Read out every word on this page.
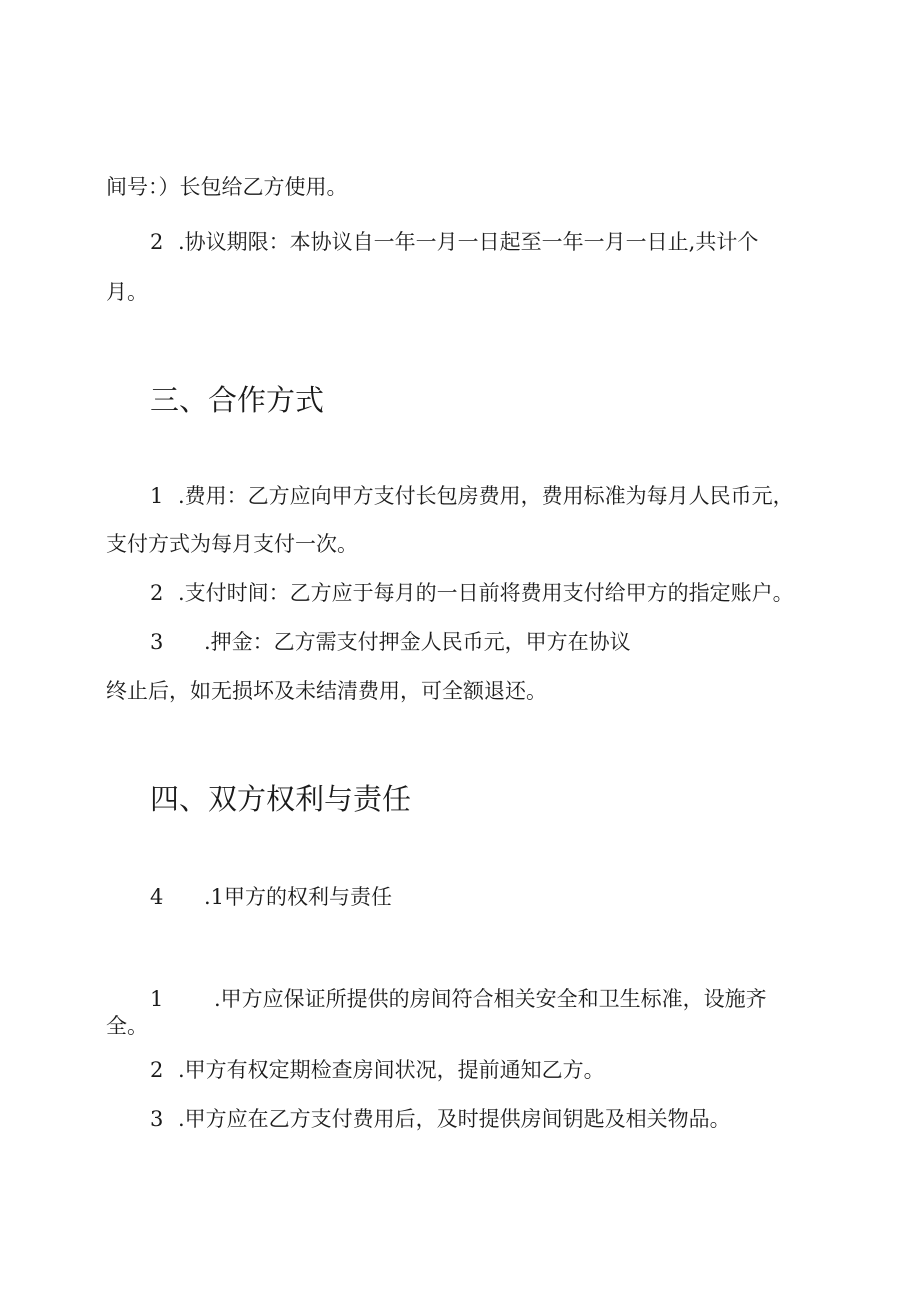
间号：）长包给乙方使用。
2 .协议期限：本协议自一年一月一日起至一年一月一日止,共计个
月。
三、合作方式
1 .费用：乙方应向甲方支付长包房费用，费用标准为每月人民币元，
支付方式为每月支付一次。
2 .支付时间：乙方应于每月的一日前将费用支付给甲方的指定账户。
3 .押金：乙方需支付押金人民币元，甲方在协议
终止后，如无损坏及未结清费用，可全额退还。
四、双方权利与责任
4 .1甲方的权利与责任
1 .甲方应保证所提供的房间符合相关安全和卫生标准，设施齐
全。
2 .甲方有权定期检查房间状况，提前通知乙方。
3 .甲方应在乙方支付费用后，及时提供房间钥匙及相关物品。
